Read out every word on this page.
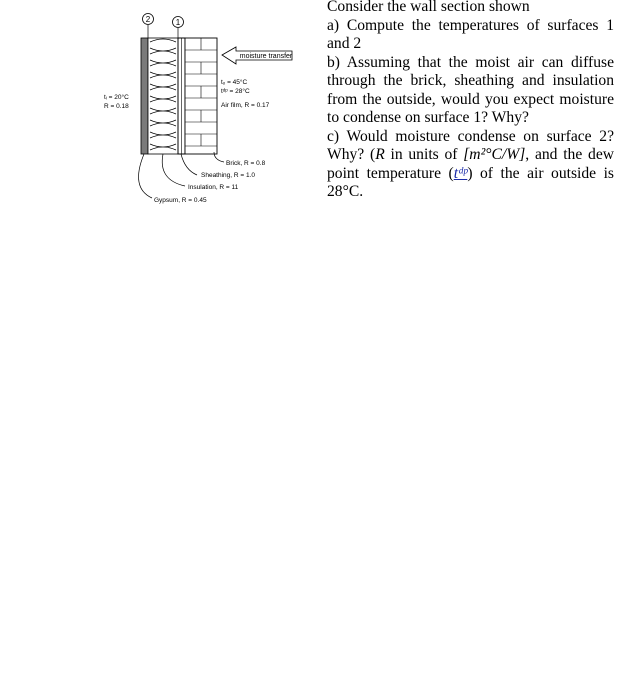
2	1
moisture transfer
tₒ = 45°C
tᵈᵖ = 28°C
Air film, R = 0.17
tᵢ = 20°C
R = 0.18
Brick, R = 0.8
Sheathing, R = 1.0
Insulation, R = 11
Gypsum, R = 0.45

Consider the wall section shown

a) Compute the temperatures of surfaces 1 and 2

b) Assuming that the moist air can diffuse through the brick, sheathing and insulation from the outside, would you expect moisture to condense on surface 1? Why?

c) Would moisture condense on surface 2? Why? (R in units of [m²°C/W], and the dew point temperature (tᵈᵖ) of the air outside is 28°C.
